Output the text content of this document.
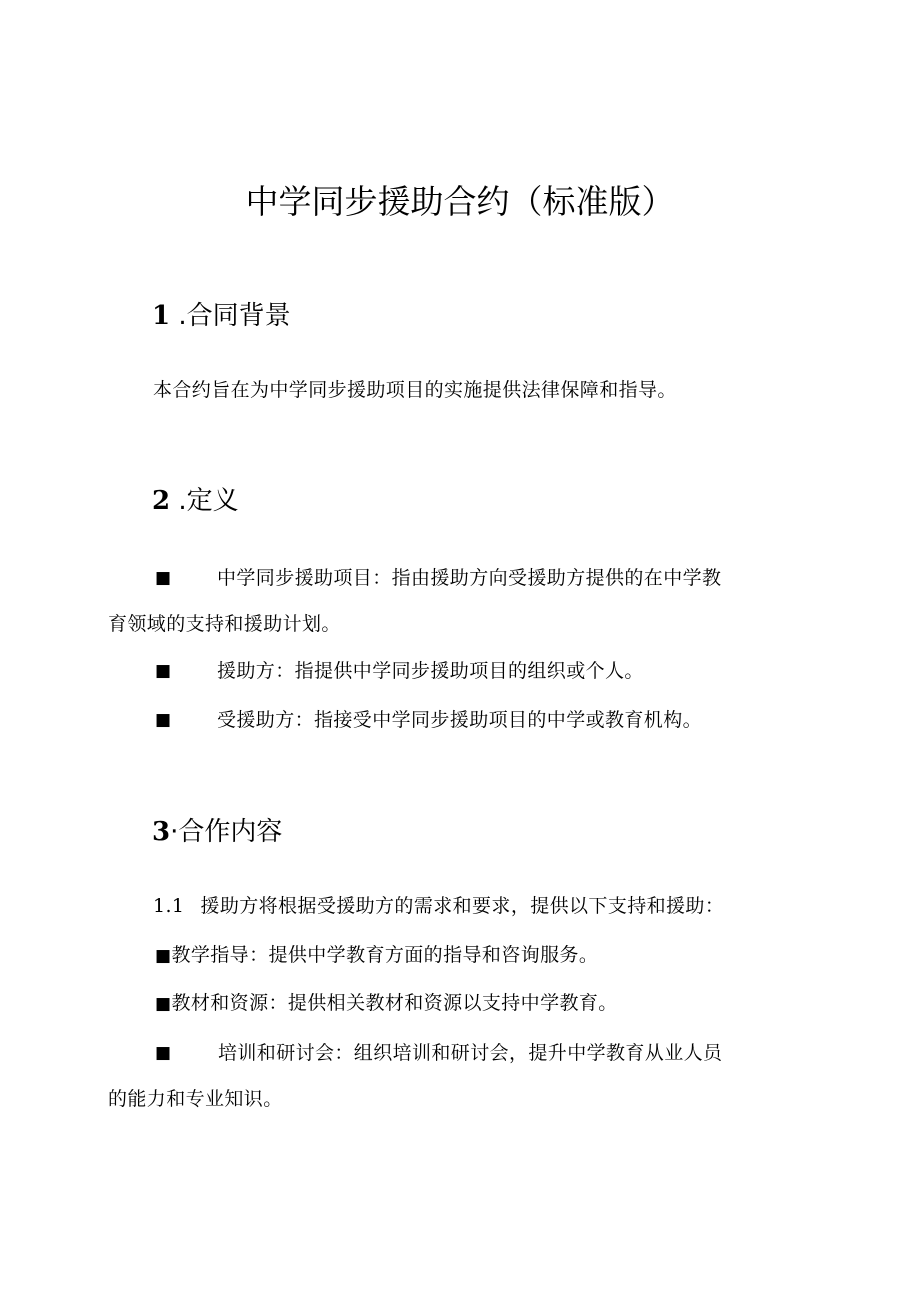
中学同步援助合约（标准版）
1 .合同背景
本合约旨在为中学同步援助项目的实施提供法律保障和指导。
2 .定义
■ 中学同步援助项目：指由援助方向受援助方提供的在中学教
育领域的支持和援助计划。
■ 援助方：指提供中学同步援助项目的组织或个人。
■ 受援助方：指接受中学同步援助项目的中学或教育机构。
3·合作内容
1.1 援助方将根据受援助方的需求和要求，提供以下支持和援助：
■教学指导：提供中学教育方面的指导和咨询服务。
■教材和资源：提供相关教材和资源以支持中学教育。
■ 培训和研讨会：组织培训和研讨会，提升中学教育从业人员
的能力和专业知识。
